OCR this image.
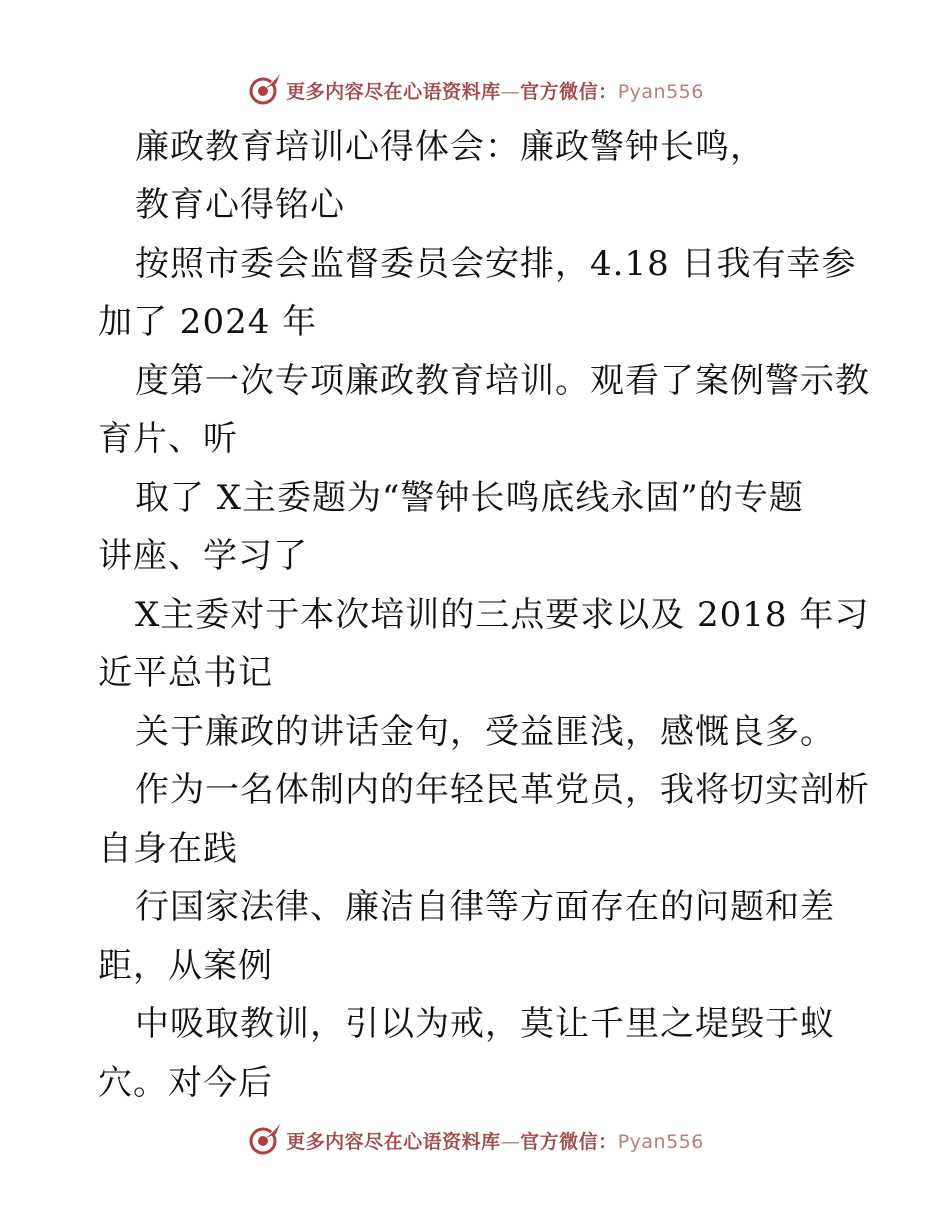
更多内容尽在心语资料库—官方微信：Pyan556
廉政教育培训心得体会：廉政警钟长鸣，
教育心得铭心
按照市委会监督委员会安排，4.18 日我有幸参
加了 2024 年
度第一次专项廉政教育培训。观看了案例警示教
育片、听
取了 X主委题为“警钟长鸣底线永固”的专题
讲座、学习了
X主委对于本次培训的三点要求以及 2018 年习
近平总书记
关于廉政的讲话金句，受益匪浅，感慨良多。
作为一名体制内的年轻民革党员，我将切实剖析
自身在践
行国家法律、廉洁自律等方面存在的问题和差
距，从案例
中吸取教训，引以为戒，莫让千里之堤毁于蚁
穴。对今后
更多内容尽在心语资料库—官方微信：Pyan556
